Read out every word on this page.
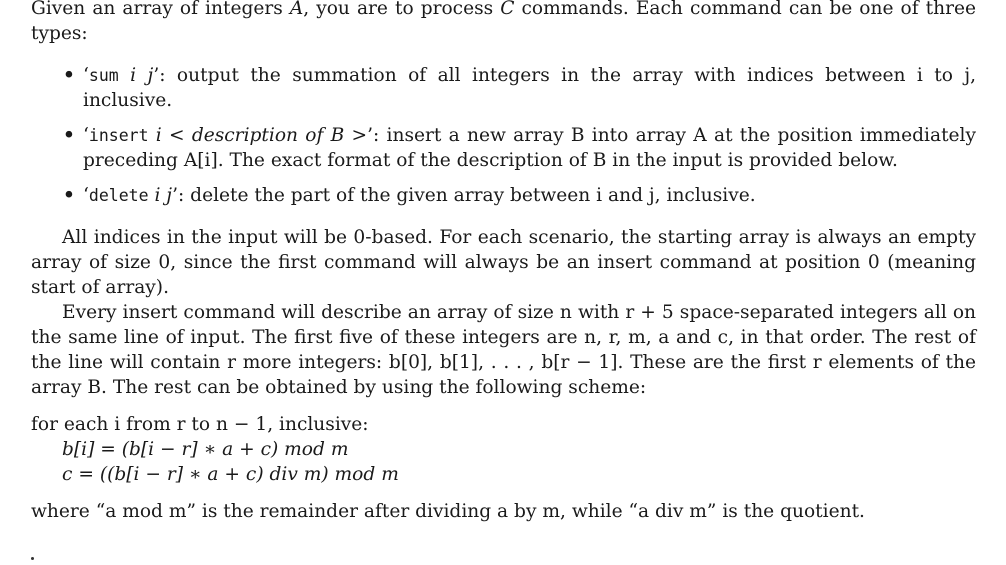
Given an array of integers A, you are to process C commands. Each command can be one of three types:

• ‘sum i j’: output the summation of all integers in the array with indices between i to j, inclusive.
• ‘insert i < description of B >’: insert a new array B into array A at the position immediately preceding A[i]. The exact format of the description of B in the input is provided below.
• ‘delete i j’: delete the part of the given array between i and j, inclusive.

All indices in the input will be 0-based. For each scenario, the starting array is always an empty array of size 0, since the first command will always be an insert command at position 0 (meaning start of array).

Every insert command will describe an array of size n with r + 5 space-separated integers all on the same line of input. The first five of these integers are n, r, m, a and c, in that order. The rest of the line will contain r more integers: b[0], b[1], . . . , b[r − 1]. These are the first r elements of the array B. The rest can be obtained by using the following scheme:

for each i from r to n − 1, inclusive:
b[i] = (b[i − r] ∗ a + c) mod m
c = ((b[i − r] ∗ a + c) div m) mod m

where “a mod m” is the remainder after dividing a by m, while “a div m” is the quotient.
